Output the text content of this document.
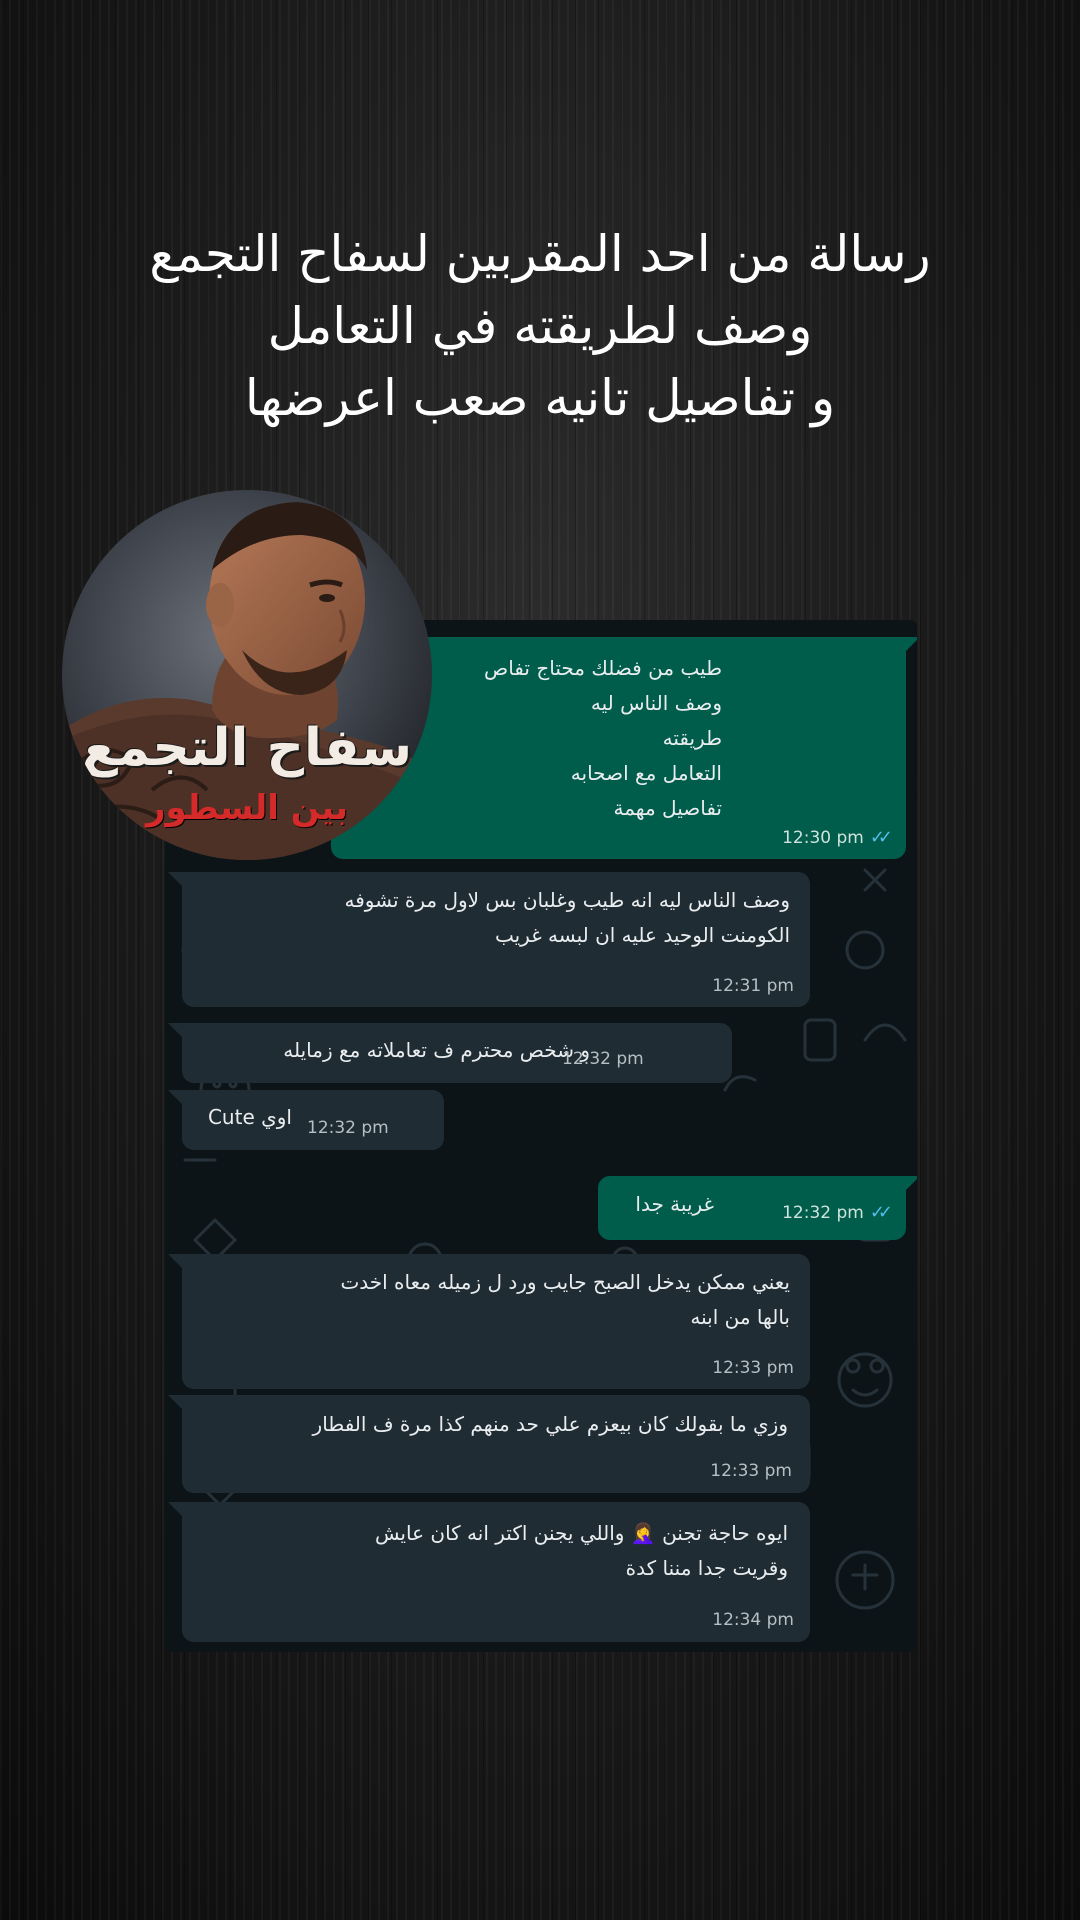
رسالة من احد المقربين لسفاح التجمع
وصف لطريقته في التعامل
و تفاصيل تانيه صعب اعرضها
طيب من فضلك محتاج تفاص
وصف الناس ليه
طريقته
التعامل مع اصحابه
تفاصيل مهمة
12:30 pm ✓✓
وصف الناس ليه انه طيب وغلبان بس لاول مرة تشوفه
الكومنت الوحيد عليه ان لبسه غريب
12:31 pm
و شخص محترم ف تعاملاته مع زمايله
12:32 pm
اوي Cute 12:32 pm
غريبة جدا	12:32 pm ✓✓
يعني ممكن يدخل الصبح جايب ورد ل زميله معاه اخدت
بالها من ابنه
12:33 pm
وزي ما بقولك كان بيعزم علي حد منهم كذا مرة ف الفطار
12:33 pm
ايوه حاجة تجنن 🤦‍♀️ واللي يجنن اكتر انه كان عايش
وقريت جدا مننا كدة
12:34 pm
سفاح التجمع
بين السطور
